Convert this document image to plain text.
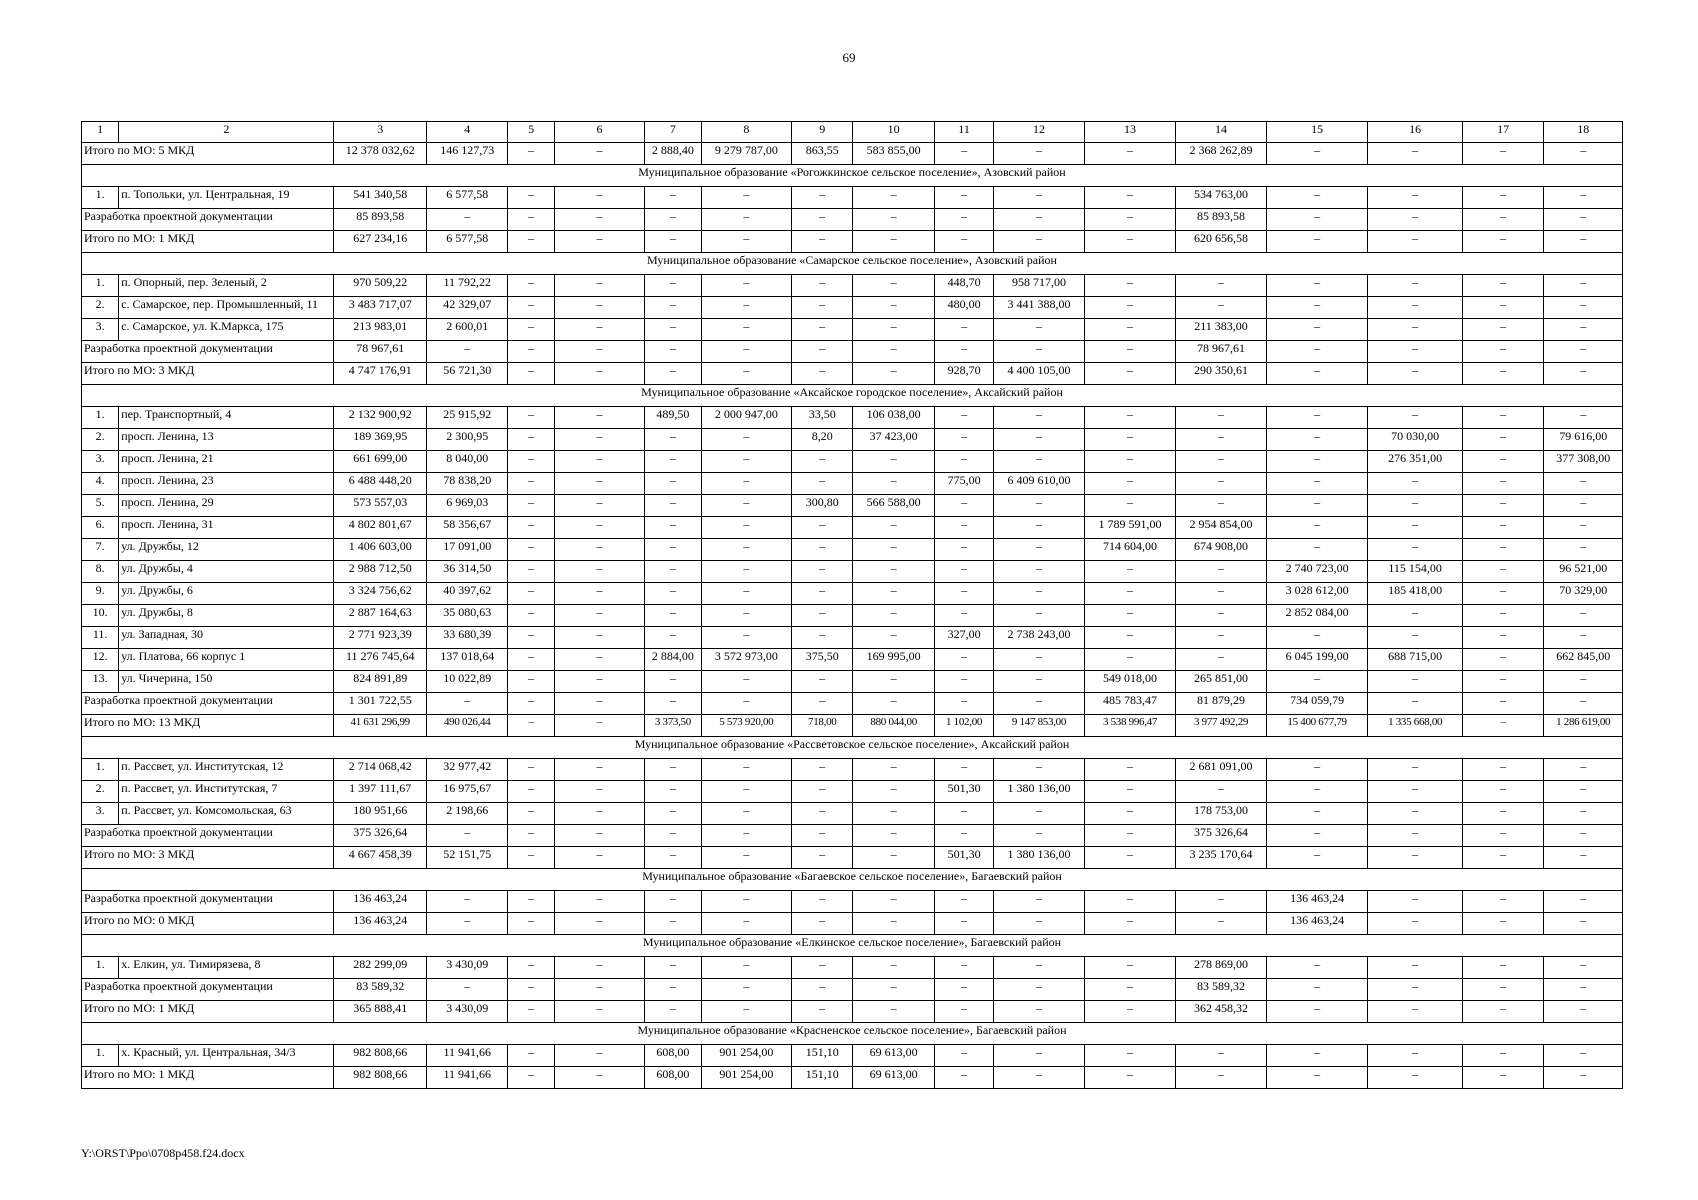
69
1	2	3	4	5	6	7	8	9	10	11	12	13	14	15	16	17	18
Итого по МО: 5 МКД		12 378 032,62	146 127,73	–	–	2 888,40	9 279 787,00	863,55	583 855,00	–	–	–	2 368 262,89	–	–	–	–
Муниципальное образование «Рогожкинское сельское поселение», Азовский район																	
1.	п. Топольки, ул. Центральная, 19	541 340,58	6 577,58	–	–	–	–	–	–	–	–	–	534 763,00	–	–	–	–
Разработка проектной документации		85 893,58	–	–	–	–	–	–	–	–	–	–	85 893,58	–	–	–	–
Итого по МО: 1 МКД		627 234,16	6 577,58	–	–	–	–	–	–	–	–	–	620 656,58	–	–	–	–
Муниципальное образование «Самарское сельское поселение», Азовский район																	
1.	п. Опорный, пер. Зеленый, 2	970 509,22	11 792,22	–	–	–	–	–	–	448,70	958 717,00	–	–	–	–	–	–
2.	с. Самарское, пер. Промышленный, 11	3 483 717,07	42 329,07	–	–	–	–	–	–	480,00	3 441 388,00	–	–	–	–	–	–
3.	с. Самарское, ул. К.Маркса, 175	213 983,01	2 600,01	–	–	–	–	–	–	–	–	–	211 383,00	–	–	–	–
Разработка проектной документации		78 967,61	–	–	–	–	–	–	–	–	–	–	78 967,61	–	–	–	–
Итого по МО: 3 МКД		4 747 176,91	56 721,30	–	–	–	–	–	–	928,70	4 400 105,00	–	290 350,61	–	–	–	–
Муниципальное образование «Аксайское городское поселение», Аксайский район																	
1.	пер. Транспортный, 4	2 132 900,92	25 915,92	–	–	489,50	2 000 947,00	33,50	106 038,00	–	–	–	–	–	–	–	–
2.	просп. Ленина, 13	189 369,95	2 300,95	–	–	–	–	8,20	37 423,00	–	–	–	–	–	70 030,00	–	79 616,00
3.	просп. Ленина, 21	661 699,00	8 040,00	–	–	–	–	–	–	–	–	–	–	–	276 351,00	–	377 308,00
4.	просп. Ленина, 23	6 488 448,20	78 838,20	–	–	–	–	–	–	775,00	6 409 610,00	–	–	–	–	–	–
5.	просп. Ленина, 29	573 557,03	6 969,03	–	–	–	–	300,80	566 588,00	–	–	–	–	–	–	–	–
6.	просп. Ленина, 31	4 802 801,67	58 356,67	–	–	–	–	–	–	–	–	1 789 591,00	2 954 854,00	–	–	–	–
7.	ул. Дружбы, 12	1 406 603,00	17 091,00	–	–	–	–	–	–	–	–	714 604,00	674 908,00	–	–	–	–
8.	ул. Дружбы, 4	2 988 712,50	36 314,50	–	–	–	–	–	–	–	–	–	–	2 740 723,00	115 154,00	–	96 521,00
9.	ул. Дружбы, 6	3 324 756,62	40 397,62	–	–	–	–	–	–	–	–	–	–	3 028 612,00	185 418,00	–	70 329,00
10.	ул. Дружбы, 8	2 887 164,63	35 080,63	–	–	–	–	–	–	–	–	–	–	2 852 084,00	–	–	–
11.	ул. Западная, 30	2 771 923,39	33 680,39	–	–	–	–	–	–	327,00	2 738 243,00	–	–	–	–	–	–
12.	ул. Платова, 66 корпус 1	11 276 745,64	137 018,64	–	–	2 884,00	3 572 973,00	375,50	169 995,00	–	–	–	–	6 045 199,00	688 715,00	–	662 845,00
13.	ул. Чичерина, 150	824 891,89	10 022,89	–	–	–	–	–	–	–	–	549 018,00	265 851,00	–	–	–	–
Разработка проектной документации		1 301 722,55	–	–	–	–	–	–	–	–	–	485 783,47	81 879,29	734 059,79	–	–	–
Итого по МО: 13 МКД		41 631 296,99	490 026,44	–	–	3 373,50	5 573 920,00	718,00	880 044,00	1 102,00	9 147 853,00	3 538 996,47	3 977 492,29	15 400 677,79	1 335 668,00	–	1 286 619,00
Муниципальное образование «Рассветовское сельское поселение», Аксайский район																	
1.	п. Рассвет, ул. Институтская, 12	2 714 068,42	32 977,42	–	–	–	–	–	–	–	–	–	2 681 091,00	–	–	–	–
2.	п. Рассвет, ул. Институтская, 7	1 397 111,67	16 975,67	–	–	–	–	–	–	501,30	1 380 136,00	–	–	–	–	–	–
3.	п. Рассвет, ул. Комсомольская, 63	180 951,66	2 198,66	–	–	–	–	–	–	–	–	–	178 753,00	–	–	–	–
Разработка проектной документации		375 326,64	–	–	–	–	–	–	–	–	–	–	375 326,64	–	–	–	–
Итого по МО: 3 МКД		4 667 458,39	52 151,75	–	–	–	–	–	–	501,30	1 380 136,00	–	3 235 170,64	–	–	–	–
Муниципальное образование «Багаевское сельское поселение», Багаевский район																	
Разработка проектной документации		136 463,24	–	–	–	–	–	–	–	–	–	–	–	136 463,24	–	–	–
Итого по МО: 0 МКД		136 463,24	–	–	–	–	–	–	–	–	–	–	–	136 463,24	–	–	–
Муниципальное образование «Елкинское сельское поселение», Багаевский район																	
1.	х. Елкин, ул. Тимирязева, 8	282 299,09	3 430,09	–	–	–	–	–	–	–	–	–	278 869,00	–	–	–	–
Разработка проектной документации		83 589,32	–	–	–	–	–	–	–	–	–	–	83 589,32	–	–	–	–
Итого по МО: 1 МКД		365 888,41	3 430,09	–	–	–	–	–	–	–	–	–	362 458,32	–	–	–	–
Муниципальное образование «Красненское сельское поселение», Багаевский район																	
1.	х. Красный, ул. Центральная, 34/3	982 808,66	11 941,66	–	–	608,00	901 254,00	151,10	69 613,00	–	–	–	–	–	–	–	–
Итого по МО: 1 МКД		982 808,66	11 941,66	–	–	608,00	901 254,00	151,10	69 613,00	–	–	–	–	–	–	–	–
Y:\ORST\Ppo\0708p458.f24.docx
